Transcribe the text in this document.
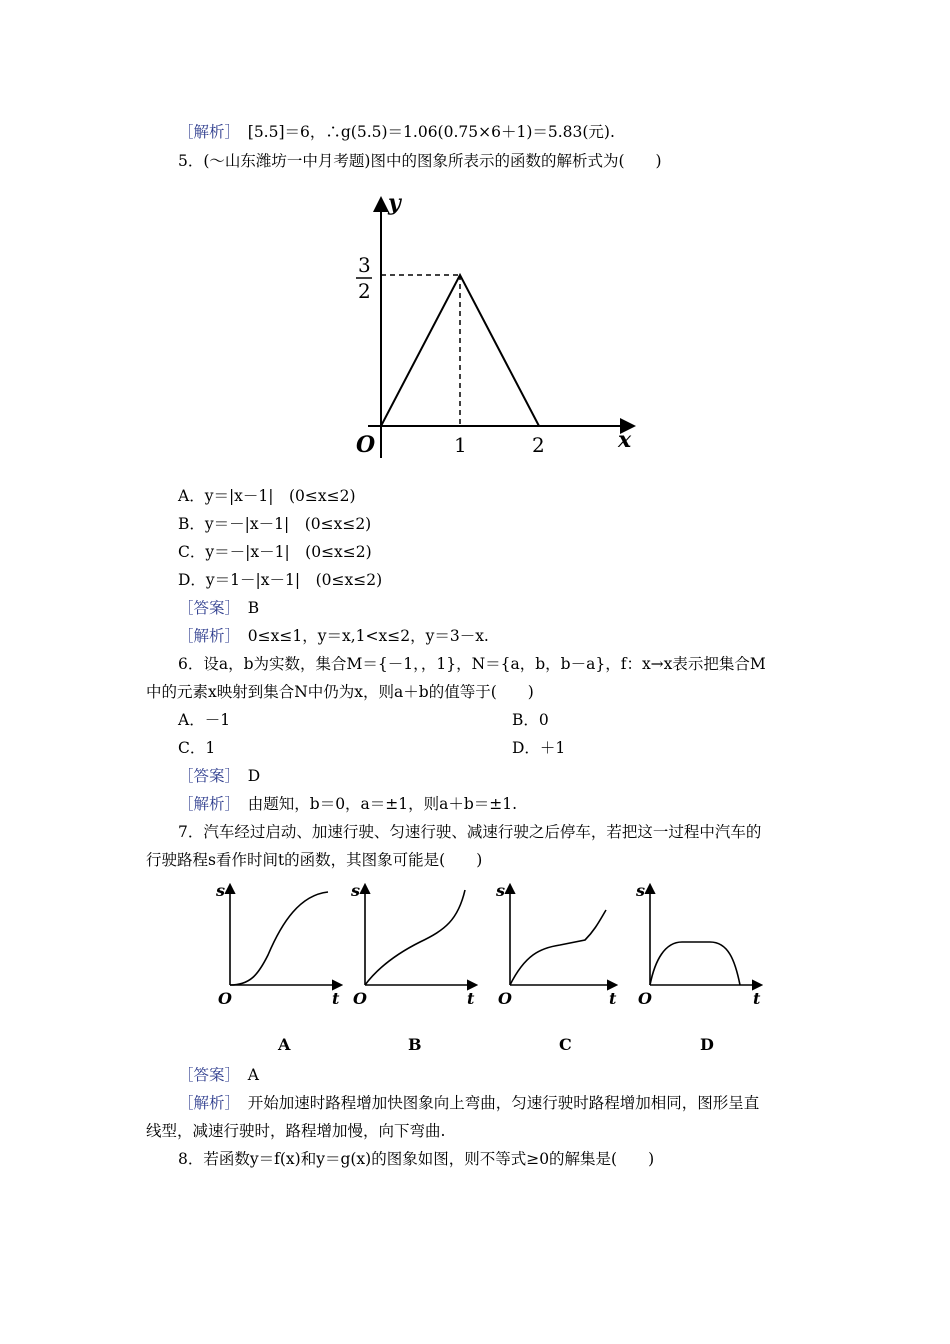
［解析］　[5.5]＝6，∴g(5.5)＝1.06(0.75×6＋1)＝5.83(元).
5．(～山东潍坊一中月考题)图中的图象所表示的函数的解析式为(　　)
y
x
O
3
2
1	2
A．y＝|x－1|　(0≤x≤2)
B．y＝－|x－1|　(0≤x≤2)
C．y＝－|x－1|　(0≤x≤2)
D．y＝1－|x－1|　(0≤x≤2)
［答案］　B
［解析］　0≤x≤1，y＝x,1<x≤2，y＝3－x.
6．设a，b为实数，集合M＝{－1，，1}，N＝{a，b，b－a}，f：x→x表示把集合M
中的元素x映射到集合N中仍为x，则a＋b的值等于(　　)
A．－1	B．0
C．1	D．＋1
［答案］　D
［解析］　由题知，b＝0，a＝±1，则a＋b＝±1.
7．汽车经过启动、加速行驶、匀速行驶、减速行驶之后停车，若把这一过程中汽车的
行驶路程s看作时间t的函数，其图象可能是(　　)
s
O	t
A
s
O	t
B
s
O	t
C
s
O	t
D
［答案］　A
［解析］　开始加速时路程增加快图象向上弯曲，匀速行驶时路程增加相同，图形呈直
线型，减速行驶时，路程增加慢，向下弯曲.
8．若函数y＝f(x)和y＝g(x)的图象如图，则不等式≥0的解集是(　　)
